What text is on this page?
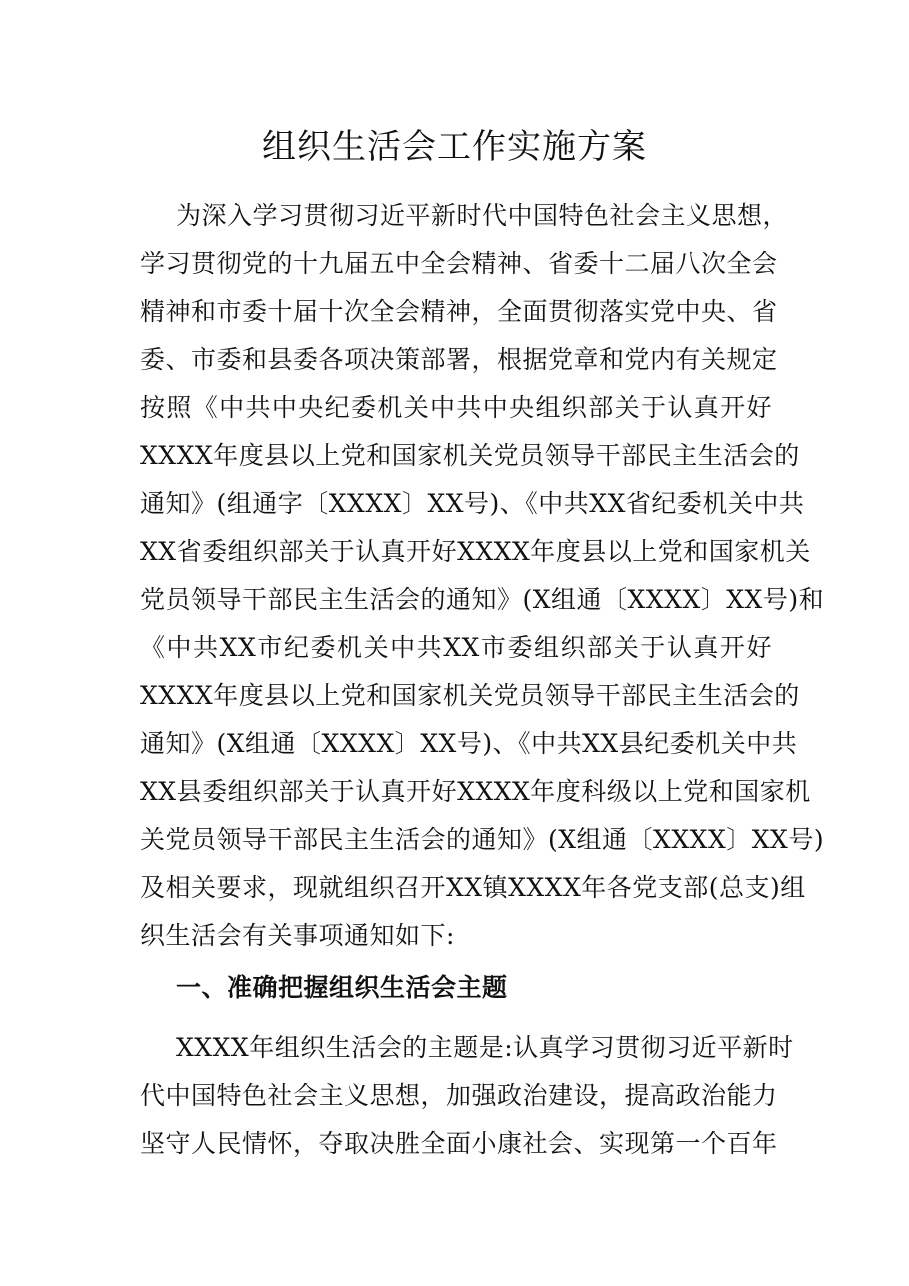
组织生活会工作实施方案
为深入学习贯彻习近平新时代中国特色社会主义思想，
学习贯彻党的十九届五中全会精神、省委十二届八次全会
精神和市委十届十次全会精神，全面贯彻落实党中央、省
委、市委和县委各项决策部署，根据党章和党内有关规定
按照《中共中央纪委机关中共中央组织部关于认真开好
XXXX年度县以上党和国家机关党员领导干部民主生活会的
通知》(组通字〔XXXX〕XX号)、《中共XX省纪委机关中共
XX省委组织部关于认真开好XXXX年度县以上党和国家机关
党员领导干部民主生活会的通知》(X组通〔XXXX〕XX号)和
《中共XX市纪委机关中共XX市委组织部关于认真开好
XXXX年度县以上党和国家机关党员领导干部民主生活会的
通知》(X组通〔XXXX〕XX号)、《中共XX县纪委机关中共
XX县委组织部关于认真开好XXXX年度科级以上党和国家机
关党员领导干部民主生活会的通知》(X组通〔XXXX〕XX号)
及相关要求，现就组织召开XX镇XXXX年各党支部(总支)组
织生活会有关事项通知如下:
一、准确把握组织生活会主题
XXXX年组织生活会的主题是:认真学习贯彻习近平新时
代中国特色社会主义思想，加强政治建设，提高政治能力
坚守人民情怀，夺取决胜全面小康社会、实现第一个百年
